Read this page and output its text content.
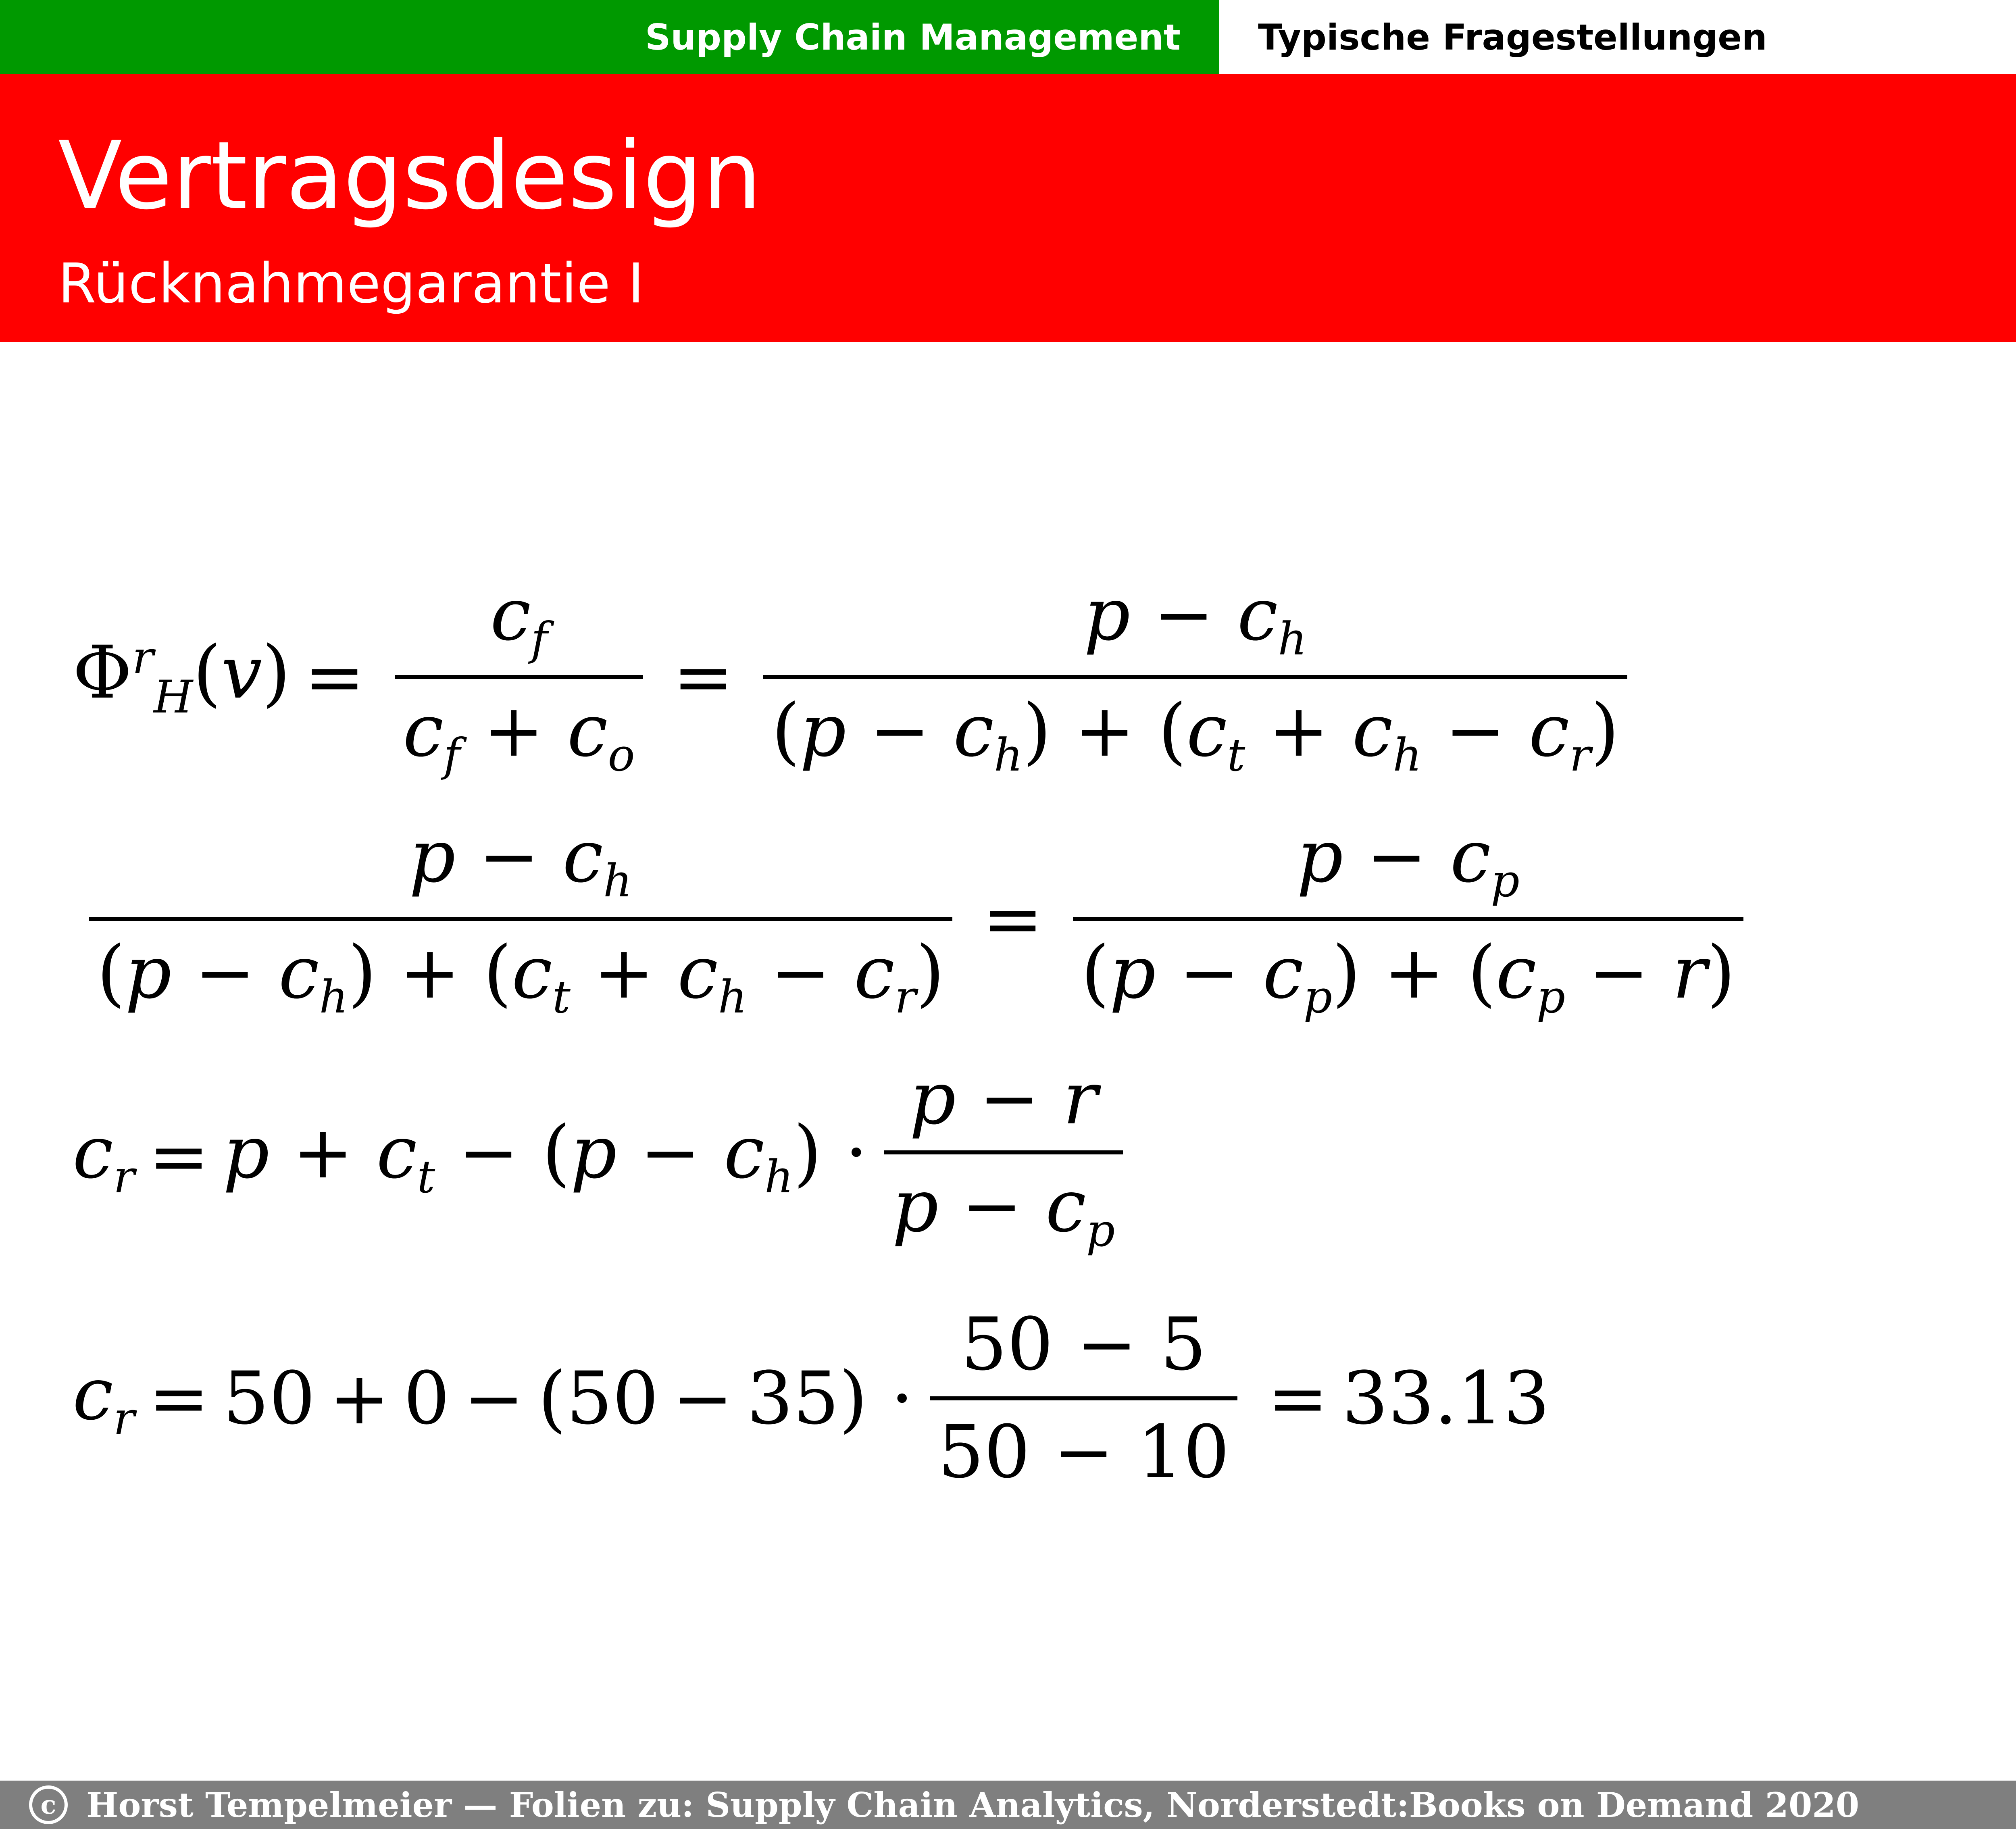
Supply Chain Management	Typische Fragestellungen
Vertragsdesign
Rücknahmegarantie I
$\Phi^r_H(v) = \frac{c_f}{c_f + c_o} = \frac{p - c_h}{(p - c_h) + (c_t + c_h - c_r)}$
$\frac{p - c_h}{(p - c_h) + (c_t + c_h - c_r)} = \frac{p - c_p}{(p - c_p) + (c_p - r)}$
$c_r = p + c_t - (p - c_h) \cdot \frac{p - r}{p - c_p}$
$c_r = 50 + 0$ − ( 50 − 35 ) · $\frac{50 - 5}{50 - 10} = 33.13$
c Horst Tempelmeier — Folien zu: Supply Chain Analytics, Norderstedt:Books on Demand 2020
